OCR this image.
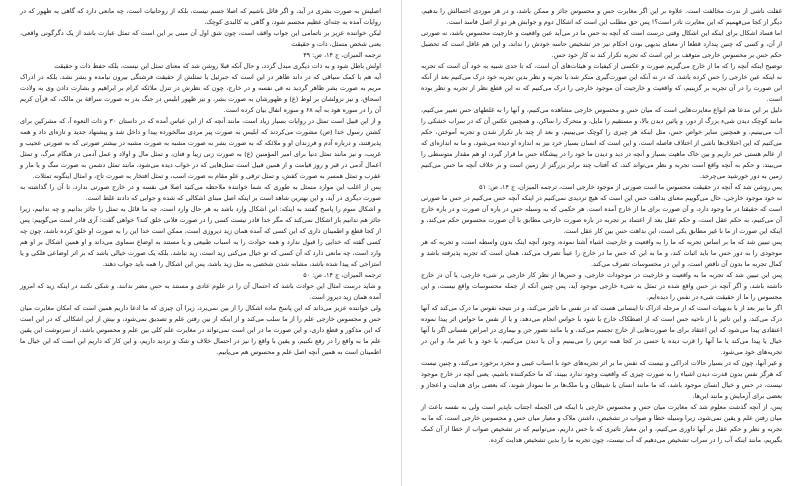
اصلیش به صورت بشری در آید، و اگر قائل باشیم که اصلا جسم نیست، بلکه از روحانیات است، چه مانعی دارد که گاهی به ظهور که در روایات آمده به جثه‌ای عظیم مجسم شود، و گاهی به کالبدی کوچک.

لیکن خواننده عزیز بر ناتمامی این جواب واقف است، چون شق اول آن مبنی بر این است که تمثل عبارت باشد از یک دگرگونی واقعی، یعنی شخص متمثل، ذات و حقیقت

ترجمه المیزان، ج ۱۴، ص: ۴۹

اولش باطل شود و به ذات دیگری مبدل گردد، و حال آنکه قبلا روشن شد که معنای تمثل این نیست، بلکه حفظ ذات و حقیقت

آیه هم با کمک سیاقی که در داند ظاهر در این است که جبرئیل یا تمثلش از حقیقت فرشتگی بیرون نیامده و بشر نشد، بلکه در ادراک مریم به صورت بشر ظاهر گردید نه فی نفسه و در خارج، چون که نظرش در تنزل ملائکه کرام بر ابراهیم و بشارت دادن وی به ولادت اسحاق، و نیز نزولشان بر لوط (ع) و ظهورشان به صورت بشر، و نیز ظهور ابلیس در جنگ بدر به صورت سراقة بن مالک، که قرآن کریم آن را در سوره هود به آیه ۶۸ و سوره انفال بیان کرده است.

و از این قبیل است تمثل در روایات بسیار زیاد است، مانند آنچه که از ابن عباس آمده که در داستان ۳۰ و ذات النعوه آ، که مشرکین برای کشتن رسول خدا (ص) مشورت می‌کردند که ابلیس به صورت پیر مردی سالخورده پیدا و داخل شد و پیشنهاد جدید و تازه‌ای داد و همه پذیرفتند، و درباره آدم و فرزندان او و ملائکه که به صورت بشر به صورت مشبه به صورت مشبه در بیشتر صورتی که به صورتی عجیب و غریب، و نیز مانند تمثل دنیا برای امیر المؤمنین (ع) به صورت زنی زیبا و فتان، و تمثل مال و اولاد و عمل آدمی در هنگام مرگ، و تمثل اعمال آدمی در قبر و روز قیامت و از همین قبیل است تمثل‌هایی که در خواب دیده می‌شود، مانند تمثل دشمن به صورت سگ و یا مار و عقرب و تمثل همسر به صورت کفش، و تمثل ترقی و علو مقام به صورت اسب، و تمثل افتخار به صورت تاج، و امثال اینگونه تمثلات.

پس از اغلب این موارد متمثل به طوری که شما خواننده ملاحظه می‌کنید اصلا فی نفسه و در خارج صورتی ندارد، تا آن را گذاشته به صورت دیگری در آید، و این بهترین شاهد است بر اینکه اصل مبنای اشکالی که شده و جوابی که دادند غلط است.

و اشکال سوم را پاسخ گفتند به اینکه: این اشکال وارد باشد به هر حال وارد است، چه ما قائل به تمثل را جائز بدانیم و چه ندانیم، زیرا جائز هم ندانیم باز اشکال نمی‌کند که مگر خدا قادر نیست کسی را در صورت فلانی خلق کند؟ خواهی گفت: آری قادر است می‌گوییم: پس از کجا قطع و اطمینان داری که این کسی که آمده همان زید دیروزی است، ممکن است خدا این را به صورت او خلق کرده باشد، چون چه کسی گفته که خدایی را قبول ندارد و همه حوادث را به اسباب طبیعی و یا مستند به اوضاع سماوی می‌داند و او همین اشکال بر او هم وارد است، چه مانعی دارد که آن کسی که تو خیال می‌کنی زید است، زید نباشد، بلکه یک صورت خیالی باشد که بر اثر اوضاعی فلکی و یا امتزاجی که پیدا شده باشد، مشابه شدن شخصی به مثل زید باشد، پس این اشکال را همه باید جواب دهند.

ترجمه المیزان، ج ۱۴، ص: ۵۰

و شاید درست امثال این حوادث باشد که احتمال آن را در علوم عادی و مستند به حس مضر ندانند، و شکی نکنند در اینکه زید که امروز آمده همان زید دیروز است.

ولی خواننده عزیز می‌داند که این پاسخ ماده اشکال را از بین نمی‌برد، زیرا آن چیزی که ما ادعا داریم همین است که امکان مغایرت میان حس و محسوس خارجی علم را از ما سلب می‌کند و از اینکه از بین رفتن علم و تصدیق نمی‌شود، و بیش از این اشکالی که در این است که این مذکور و قطع داری، و این صورت ما در این است نمی‌تواند در مغایرت علم کلی بین علم و محسوس باشد، از سرنوشت این یقین علم ما به واقع را در رفع نکنیم، و یقین با واقع را نیز در احتمال خلاف و شک و تردید داریم، و این کار که داریم این است که این خیال ما اطمینان است به همین آنچه اصل علم و محسوس هم می‌یابیم.

غفلت ناشی از ندرت مخالفت است. علاوه بر این اگر مغایرت حس و محسوس جائز و ممکن باشد، و در هر موردی احتمالش را بدهیم، دیگر از کجا می‌فهمیم که این مغایرت نادر است؟! پس حق مطلب این است که اشکال دوم و جوابش هر دو از اصل فاسد است.

اما فساد اشکال برای اینکه این اشکال وقتی درست است که آنچه به حس ما در می‌آید عین واقعیت و خارجیت محسوس باشد، نه صورتی از آن، و کسی که چنین پندارد قطعا از معنای بدیهی بودن احکام نیز جز تشخیص حاسه خودش را نداند، و این هم غافل است که تحصیل حکم حس بر محسوس خارجی متوقف بر این است که تجربه تکرار کند نه کار خود حس.

توضیح اینکه آنچه را که ما از خارج می‌گیریم صورت و عکسی از کیفیات و هیئات‌های آن است، که تا حدی شبیه به خود آن است که تجربه نه اینکه عین خارجی را حس کرده باشد، که در نه آنکه این صورت‌گیری منکر شد یا تجربه و نظر بدین تجربه خود درک می‌کنیم بعد از آنکه این صورت را در آن تجربه بر گزینیم، که واقعیت و خارجیت آن موجود خارجی را درک می‌کنیم که نه این قطع نظر از تجربه و نظر بوده است.

دلیل بر این مدعا هم انواع مغایرت‌هایی است که میان حس و محسوس خارجی مشاهده می‌کنیم، و آنها را به غلطهای حس تعبیر می‌کنیم، مانند کوچک دیدن شیء بزرگ از دور، و پائین دیدن بالا، و مستقیم را مایل، و متحرک را ساکن، و همچنین عکس آن که در سراب خشکی را آب می‌بینیم، و همچنین سایر خواص حس، مثل اینکه هر چیزی را کوچک می‌بینیم، و بعد از چند بار تکرار شدن و تجربه آموختن، حکم می‌کنیم که این اختلاف‌ها ناشی از اختلاف فاصله است، و این است که انسان بسیار خرد نیز به اندازه او دیده می‌شود، و ما به اندازه‌ای که از عالم هستی خبر داریم و بین خاک ماهیت بسیار و آنچه در دید و دیدن ما خود را در پیشگاه حس ما قرار گیرد، او هم مقدار متوسطی را می‌بیند، و حکم به آنچه واقع است تجربه و نظر می‌تواند کند، که آفتاب چند برابر بزرگتر از زمین است و بر خلاف آنچه ما حس می‌کنیم زمین به دور خورشید می‌چرخد.

پس روشن شد که آنچه در حقیقت محسوس ما است صورتی از موجود خارجی است، ترجمه المیزان، ج ۱۴، ص: ۵۱

نه خود موجود خارجی، حال می‌گوییم معنای بداهت حس این است که هیچ تردیدی نمی‌کنیم در اینکه آنچه حس می‌کنیم در حس ما صورتی است که حقیقتا در ما وجود دارد، و آن صورت برای ما از خارج آمده است. هر حکمی که به وسیله حس در باره آن صورت و در باره خارج آن می‌کنیم، به حکم عقل است، و حکم عقل بعد از اعتماد بر تجربه در باره صورت خارجی مطابق با آن صورت محسوس حکم می‌کند، و اینکه این صورت از ما با غیر مطابق یکی است، این بداهت حس بین کار عقل است.

پس تبیین شد که ما بر اساس تجربه که ما را به واقعیت و خارجیت اشیاء آشنا نموده، وجود آنچه اینک بدون واسطه است، و تجربه که هر موجودی را به دور حس ما باید اثبات کند، و ما به این که حس ما در خارج را عیناً تصرف می‌کند، همان است که تجربه پذیرفته باشد و کمال تجربه ما بدون آن ناقص است، و این در محسوسات تصرف می‌کند.

پس این تبیین شد که تجربه ما به واقعیت و خارجیت در موجودات خارجی، و حس‌ها از نظر کار خارجی بر شیء خارجی، یا آن در خارج داشته باشد، و اگر آنچه در حس واقع شده در تمثل به شیء خارجی موجود آید، پس چنین آنکه از جمله محسوسات واقع نیست، و این محسوس را ما از حقیقت شیء در نفس را دیده‌ایم.

اگر ما نیز بعد از با بدیهیات است که از مرحله ادراک تا اینسانی هست که در نفس ما تاثیر می‌کند، و در نتیجه نفوس ما درک می‌کند که آنها درک می‌کند، و این تاثیر یا از ناحیه حس است که از اصطکاک خارج یا شود با حواس انجام می‌دهد، و یا از نفس ما حواس اثر پیدا نموده اعتقادی پیدا می‌شود که این اعتقاد برای ما صورت‌هایی از خارج تجسم می‌کند، و یا مانند تصور جن و بیماری در امراض نفسانی اگر با آنها خیال یا پیدا می‌کند یا ما آنها را قرب دیده یا حسی در کجا همه ترس را می‌بینیم و آن یا دیدن می‌کنیم، یا خود و یا غیر ما، و این در تجربه‌های خود می‌شود.

و غیر آنها، چون که در بسیار حالات ادراکی و نیست که نفس ما بر اثر تجربه‌های خود با اسباب غیبی و مجرد برخورد می‌کند، و چنین نیست که هرگز نفس بدون قدرت دیدن اشیاء را به صورت چیزی که واقعیت وجود ندارد ببیند، که ما حکم‌کننده باشیم، یعنی آنچه در خارج موجود نیست، در حس و خیال انسان موجود باشد، که ما مانند انسان یا شیطان و یا ملک‌ها بر ما نمودار شوند، که بعضی برای هدایت و اعجاز و بعضی برای آزمایش و مانند این‌ها.

پس، از آنچه گذشت معلوم شد که مغایرت میان حس و محسوس خارجی با اینکه فی الجمله اجتناب ناپذیر است ولی به نفسه باعث از میان رفتن علم و یقین نمی‌شود، زیرا وسیله خطا و صواب در تشخیص، داشتن ملاک و معیار میان حس و محسوس خارجی است، که ما به تجربه و نظر و حکم عقل بر آنها داوری می‌کنیم، و این معیار تاثیری که با حس داریم، می‌توانیم که در تشخیص صواب از خطا از آن کمک بگیریم، مانند اینکه آب را در سراب تشخیص می‌دهیم که آب نیست، چون تجربه ما را بدین تشخیص هدایت کرده.
